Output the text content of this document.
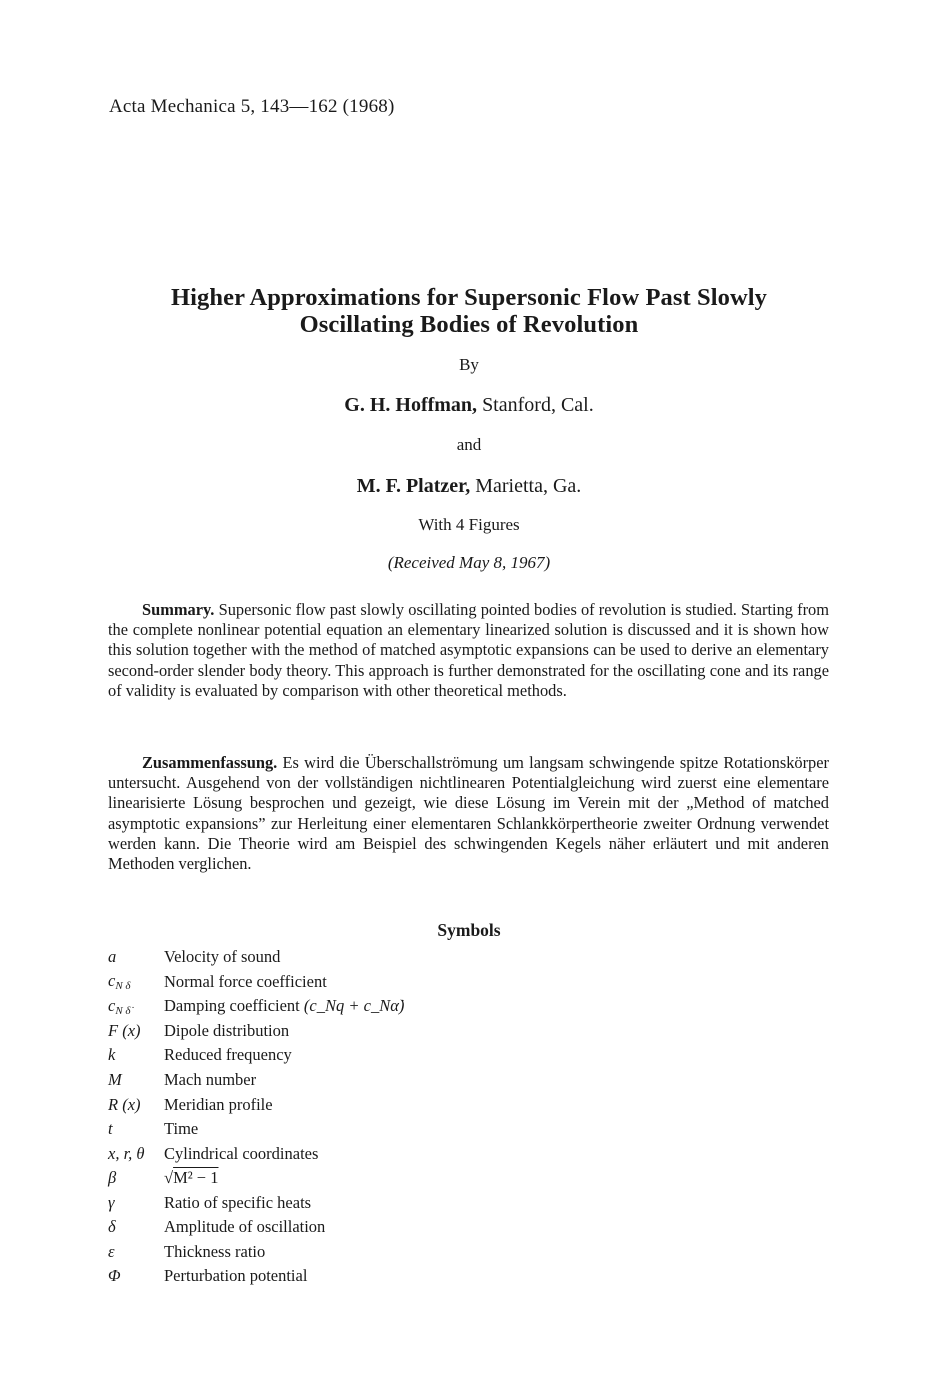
Acta Mechanica 5, 143—162 (1968)
Higher Approximations for Supersonic Flow Past Slowly
Oscillating Bodies of Revolution
By
G. H. Hoffman, Stanford, Cal.
and
M. F. Platzer, Marietta, Ga.
With 4 Figures
(Received May 8, 1967)

Summary. Supersonic flow past slowly oscillating pointed bodies of revolution is studied. Starting from the complete nonlinear potential equation an elementary linearized solution is discussed and it is shown how this solution together with the method of matched asymptotic expansions can be used to derive an elementary second-order slender body theory. This approach is further demonstrated for the oscillating cone and its range of validity is evaluated by comparison with other theoretical methods.

Zusammenfassung. Es wird die Überschallströmung um langsam schwingende spitze Rotationskörper untersucht. Ausgehend von der vollständigen nichtlinearen Potentialgleichung wird zuerst eine elementare linearisierte Lösung besprochen und gezeigt, wie diese Lösung im Verein mit der „Method of matched asymptotic expansions” zur Herleitung einer elementaren Schlankkörpertheorie zweiter Ordnung verwendet werden kann. Die Theorie wird am Beispiel des schwingenden Kegels näher erläutert und mit anderen Methoden verglichen.

Symbols
a	Velocity of sound
$c_{N \delta}$	Normal force coefficient
$c_{N \deltȧ}$	Damping coefficient (c_Nq + c_Nα̇)
F (x)	Dipole distribution
k	Reduced frequency
M	Mach number
R (x)	Meridian profile
t	Time
x, r, θ	Cylindrical coordinates
β	√M² − 1
γ	Ratio of specific heats
δ	Amplitude of oscillation
ε	Thickness ratio
Φ	Perturbation potential
